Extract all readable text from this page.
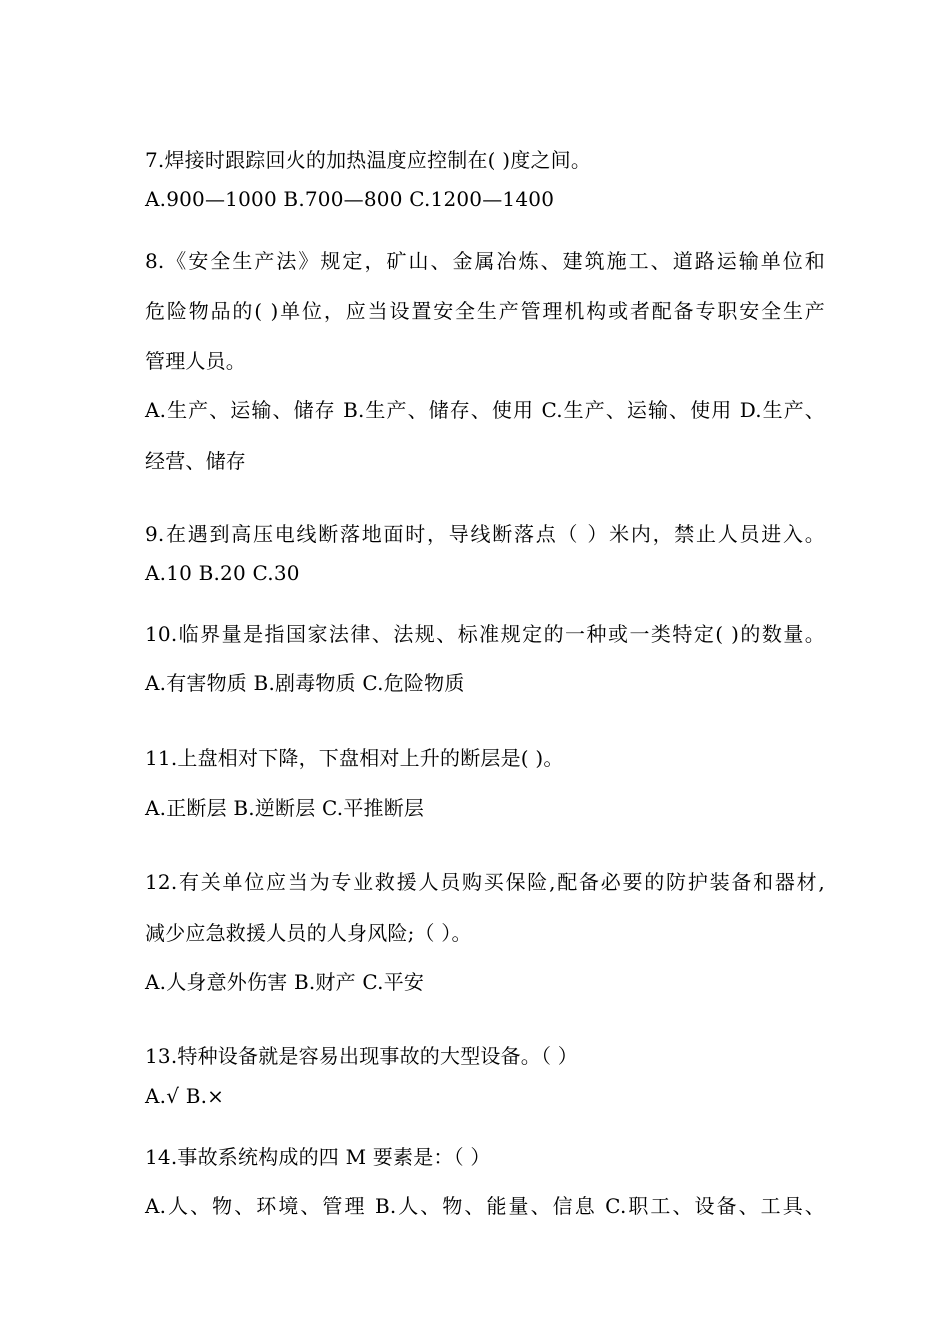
7.焊接时跟踪回火的加热温度应控制在( )度之间。
A.900—1000 B.700—800 C.1200—1400
8.《安全生产法》规定，矿山、金属冶炼、建筑施工、道路运输单位和
危险物品的( )单位，应当设置安全生产管理机构或者配备专职安全生产
管理人员。
A.生产、运输、储存 B.生产、储存、使用 C.生产、运输、使用 D.生产、
经营、储存
9.在遇到高压电线断落地面时，导线断落点（ ）米内，禁止人员进入。
A.10 B.20 C.30
10.临界量是指国家法律、法规、标准规定的一种或一类特定( )的数量。
A.有害物质 B.剧毒物质 C.危险物质
11.上盘相对下降，下盘相对上升的断层是( )。
A.正断层 B.逆断层 C.平推断层
12.有关单位应当为专业救援人员购买保险,配备必要的防护装备和器材,
减少应急救援人员的人身风险;（ ）。
A.人身意外伤害 B.财产 C.平安
13.特种设备就是容易出现事故的大型设备。（ ）
A.√ B.×
14.事故系统构成的四 M 要素是：（ ）
A.人、物、环境、管理 B.人、物、能量、信息 C.职工、设备、工具、
